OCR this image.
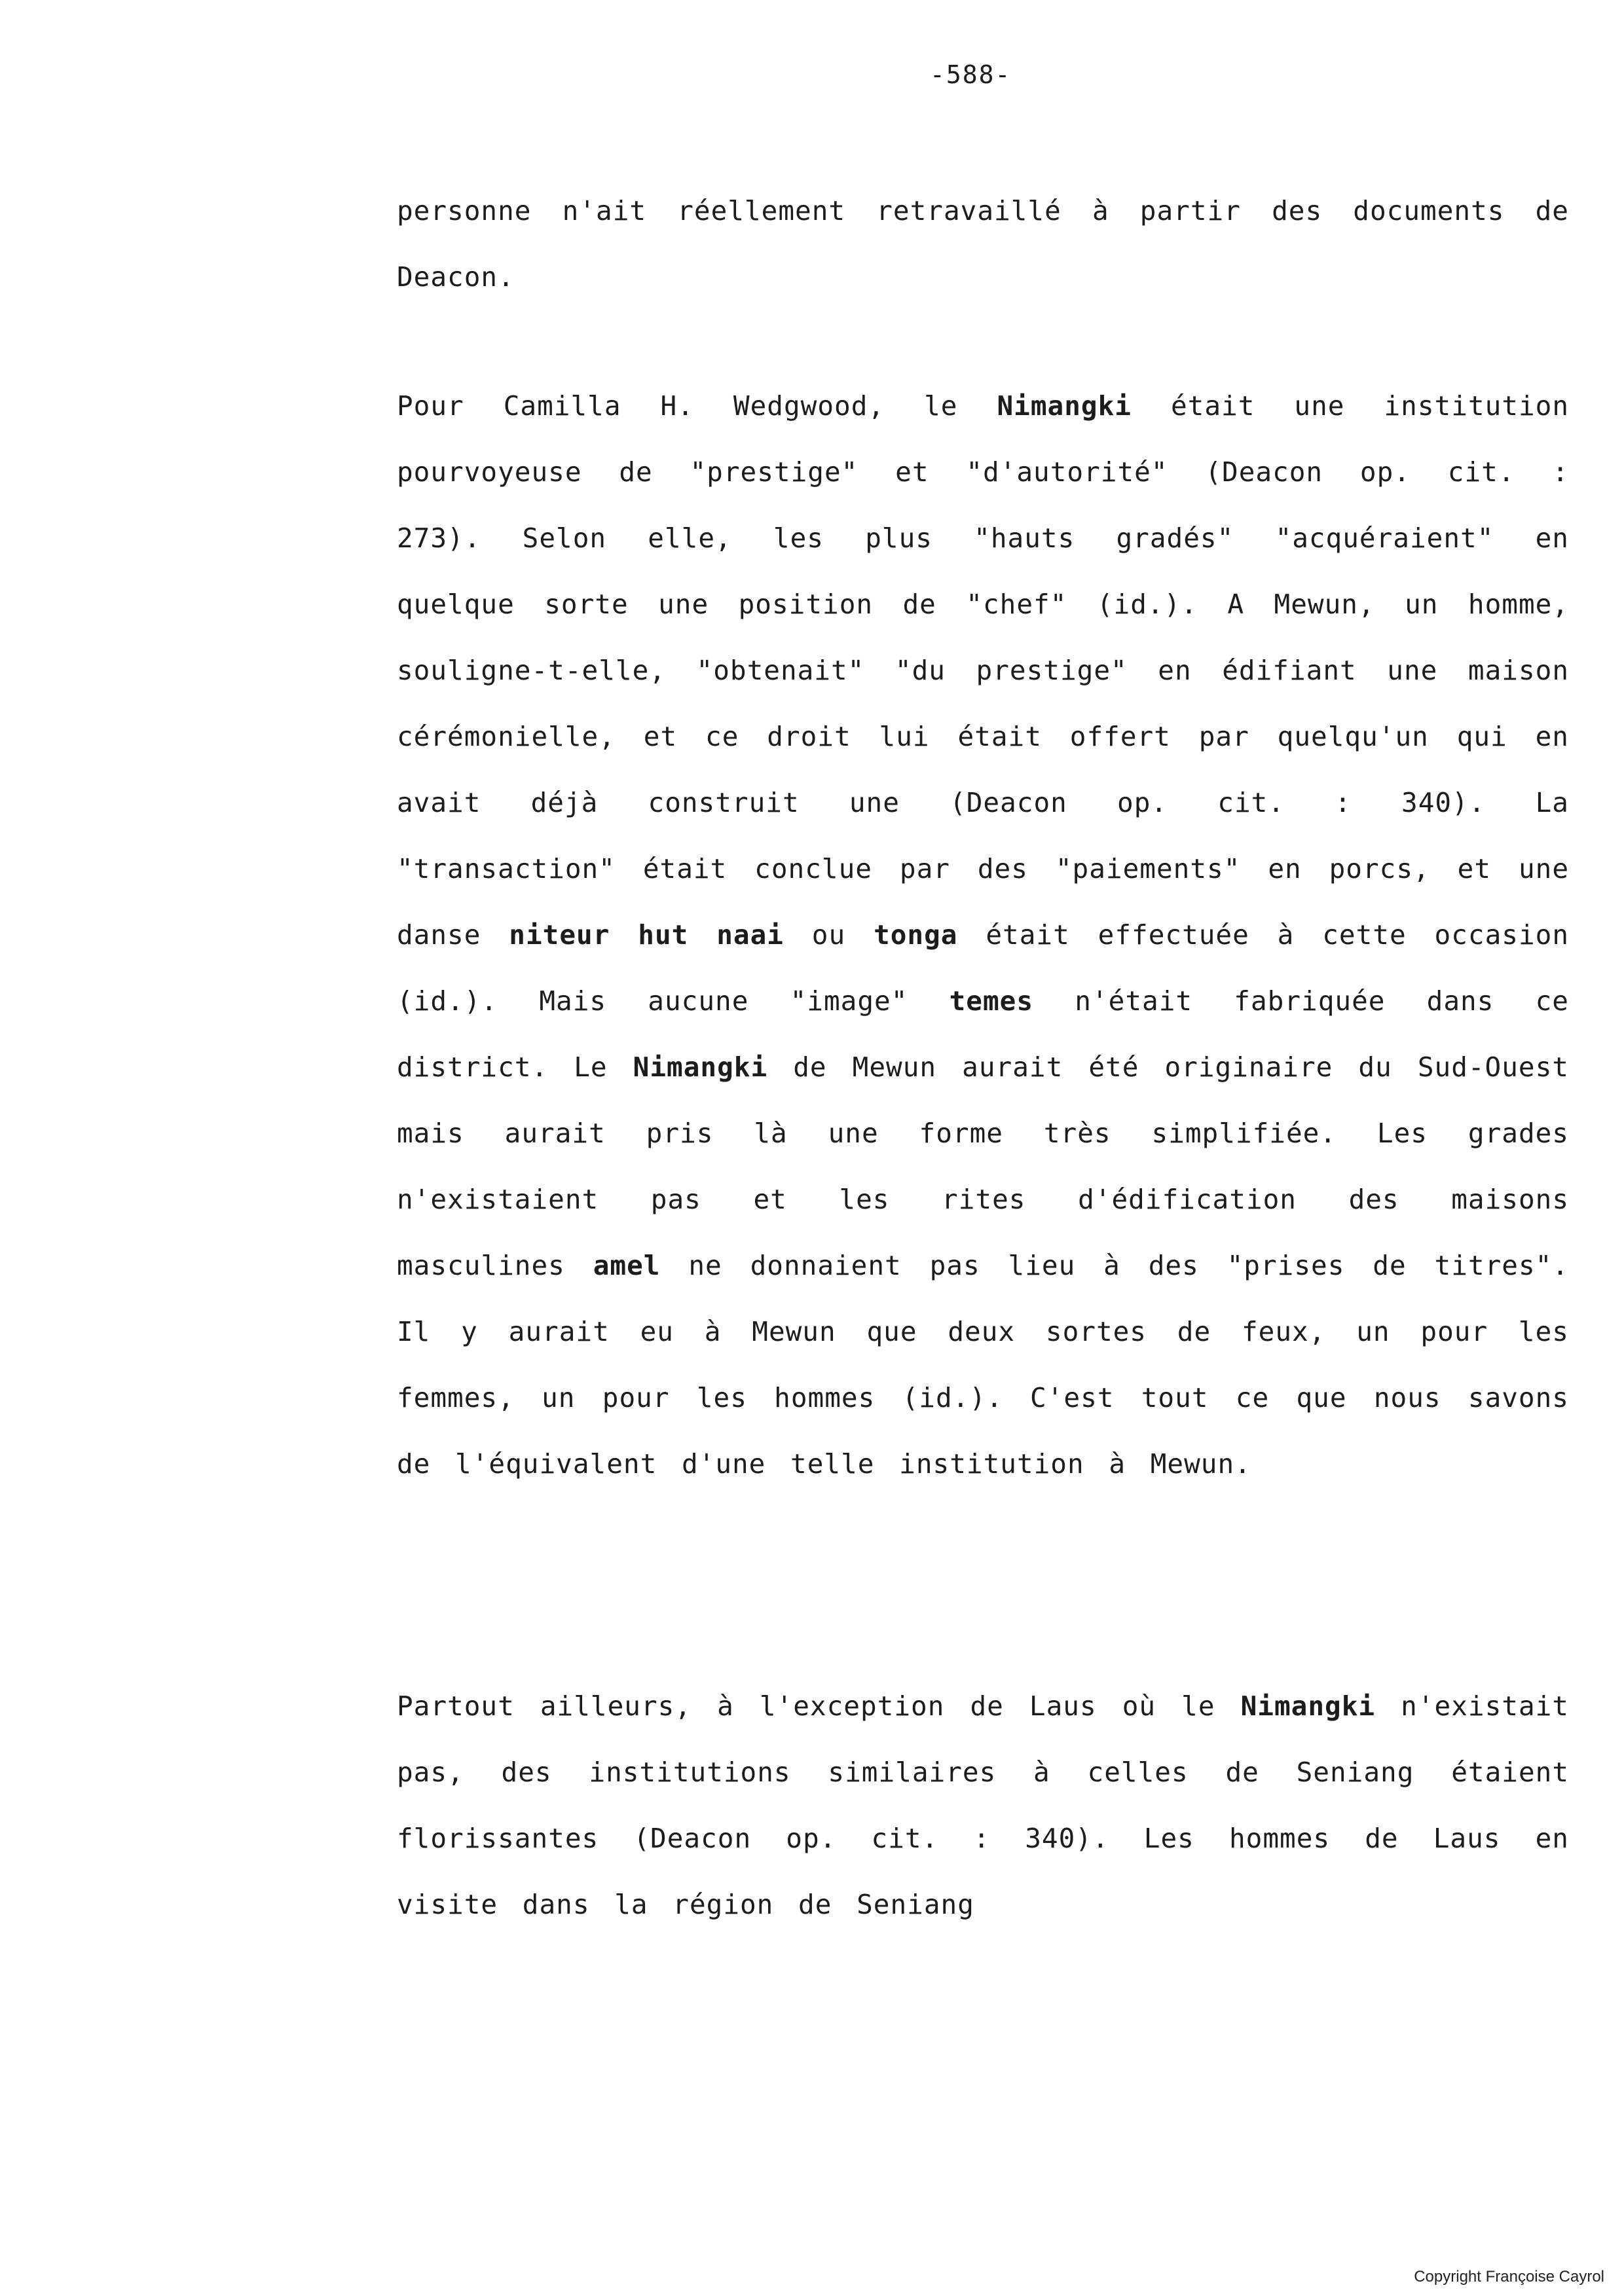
-588-

personne n'ait réellement retravaillé à partir des documents de Deacon.

Pour Camilla H. Wedgwood, le Nimangki était une institution pourvoyeuse de "prestige" et "d'autorité" (Deacon op. cit. : 273). Selon elle, les plus "hauts gradés" "acquéraient" en quelque sorte une position de "chef" (id.). A Mewun, un homme, souligne-t-elle, "obtenait" "du prestige" en édifiant une maison cérémonielle, et ce droit lui était offert par quelqu'un qui en avait déjà construit une (Deacon op. cit. : 340). La "transaction" était conclue par des "paiements" en porcs, et une danse niteur hut naai ou tonga était effectuée à cette occasion (id.). Mais aucune "image" temes n'était fabriquée dans ce district. Le Nimangki de Mewun aurait été originaire du Sud-Ouest mais aurait pris là une forme très simplifiée. Les grades n'existaient pas et les rites d'édification des maisons masculines amel ne donnaient pas lieu à des "prises de titres". Il y aurait eu à Mewun que deux sortes de feux, un pour les femmes, un pour les hommes (id.). C'est tout ce que nous savons de l'équivalent d'une telle institution à Mewun.

Partout ailleurs, à l'exception de Laus où le Nimangki n'existait pas, des institutions similaires à celles de Seniang étaient florissantes (Deacon op. cit. : 340). Les hommes de Laus en visite dans la région de Seniang

Copyright Françoise Cayrol
